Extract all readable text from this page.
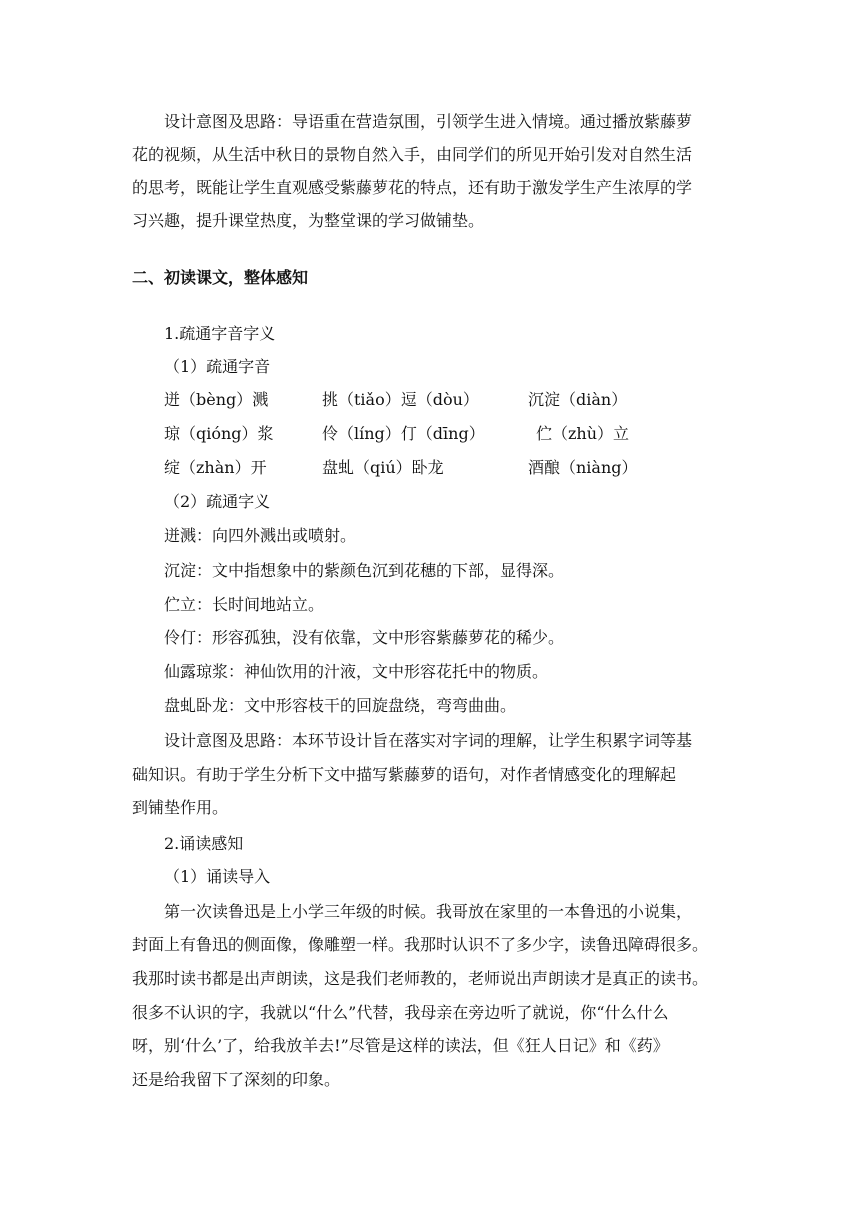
设计意图及思路：导语重在营造氛围，引领学生进入情境。通过播放紫藤萝
花的视频，从生活中秋日的景物自然入手，由同学们的所见开始引发对自然生活
的思考，既能让学生直观感受紫藤萝花的特点，还有助于激发学生产生浓厚的学
习兴趣，提升课堂热度，为整堂课的学习做铺垫。
二、初读课文，整体感知
1.疏通字音字义
（1）疏通字音
迸（bèng）溅	挑（tiǎo）逗（dòu）	沉淀（diàn）
琼（qióng）浆	伶（líng）仃（dīng）	伫（zhù）立
绽（zhàn）开	盘虬（qiú）卧龙	酒酿（niàng）
（2）疏通字义
迸溅：向四外溅出或喷射。
沉淀：文中指想象中的紫颜色沉到花穗的下部，显得深。
伫立：长时间地站立。
伶仃：形容孤独，没有依靠，文中形容紫藤萝花的稀少。
仙露琼浆：神仙饮用的汁液，文中形容花托中的物质。
盘虬卧龙：文中形容枝干的回旋盘绕，弯弯曲曲。
设计意图及思路：本环节设计旨在落实对字词的理解，让学生积累字词等基
础知识。有助于学生分析下文中描写紫藤萝的语句，对作者情感变化的理解起
到铺垫作用。
2.诵读感知
（1）诵读导入
第一次读鲁迅是上小学三年级的时候。我哥放在家里的一本鲁迅的小说集，
封面上有鲁迅的侧面像，像雕塑一样。我那时认识不了多少字，读鲁迅障碍很多。
我那时读书都是出声朗读，这是我们老师教的，老师说出声朗读才是真正的读书。
很多不认识的字，我就以“什么”代替，我母亲在旁边听了就说，你“什么什么
呀，别‘什么’了，给我放羊去!”尽管是这样的读法，但《狂人日记》和《药》
还是给我留下了深刻的印象。
